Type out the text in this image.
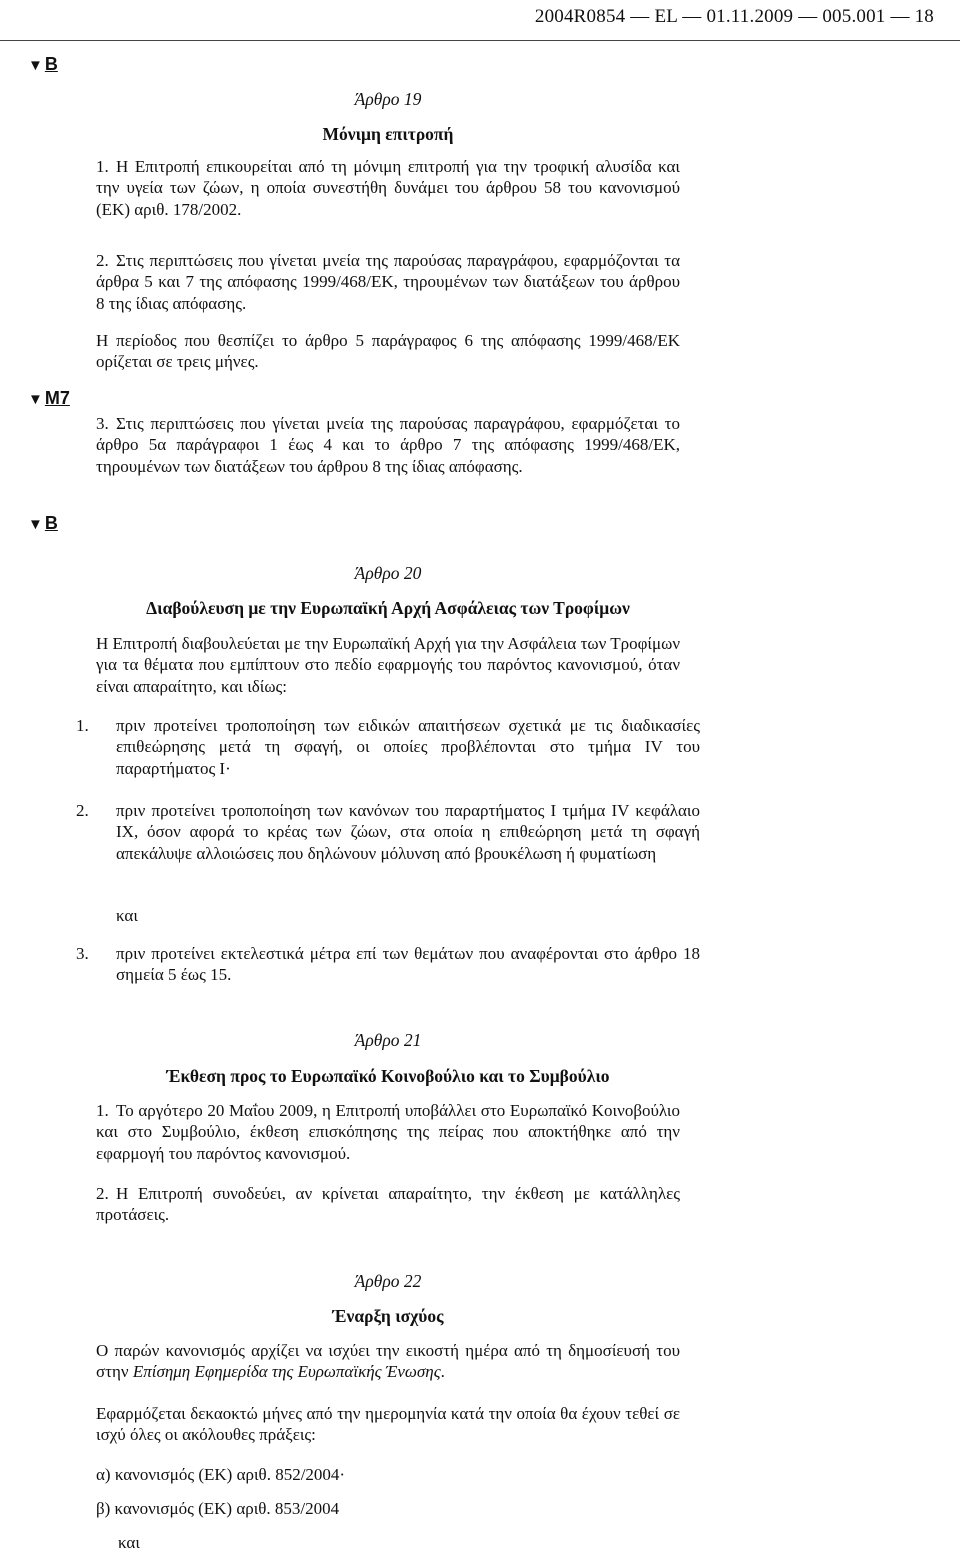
2004R0854 — EL — 01.11.2009 — 005.001 — 18
▼ B
▼ M7
▼ B
Άρθρο 19
Μόνιμη επιτροπή
1. Η Επιτροπή επικουρείται από τη μόνιμη επιτροπή για την τροφική αλυσίδα και την υγεία των ζώων, η οποία συνεστήθη δυνάμει του άρθρου 58 του κανονισμού (ΕΚ) αριθ. 178/2002.
2. Στις περιπτώσεις που γίνεται μνεία της παρούσας παραγράφου, εφαρμόζονται τα άρθρα 5 και 7 της απόφασης 1999/468/ΕΚ, τηρουμένων των διατάξεων του άρθρου 8 της ίδιας απόφασης.
Η περίοδος που θεσπίζει το άρθρο 5 παράγραφος 6 της απόφασης 1999/468/ΕΚ ορίζεται σε τρεις μήνες.
3. Στις περιπτώσεις που γίνεται μνεία της παρούσας παραγράφου, εφαρμόζεται το άρθρο 5α παράγραφοι 1 έως 4 και το άρθρο 7 της απόφασης 1999/468/ΕΚ, τηρουμένων των διατάξεων του άρθρου 8 της ίδιας απόφασης.
Άρθρο 20
Διαβούλευση με την Ευρωπαϊκή Αρχή Ασφάλειας των Τροφίμων
Η Επιτροπή διαβουλεύεται με την Ευρωπαϊκή Αρχή για την Ασφάλεια των Τροφίμων για τα θέματα που εμπίπτουν στο πεδίο εφαρμογής του παρόντος κανονισμού, όταν είναι απαραίτητο, και ιδίως:
1. πριν προτείνει τροποποίηση των ειδικών απαιτήσεων σχετικά με τις διαδικασίες επιθεώρησης μετά τη σφαγή, οι οποίες προβλέπονται στο τμήμα IV του παραρτήματος Ι·
2. πριν προτείνει τροποποίηση των κανόνων του παραρτήματος Ι τμήμα IV κεφάλαιο IX, όσον αφορά το κρέας των ζώων, στα οποία η επιθεώρηση μετά τη σφαγή απεκάλυψε αλλοιώσεις που δηλώνουν μόλυνση από βρουκέλωση ή φυματίωση
και
3. πριν προτείνει εκτελεστικά μέτρα επί των θεμάτων που αναφέρονται στο άρθρο 18 σημεία 5 έως 15.
Άρθρο 21
Έκθεση προς το Ευρωπαϊκό Κοινοβούλιο και το Συμβούλιο
1. Το αργότερο 20 Μαΐου 2009, η Επιτροπή υποβάλλει στο Ευρωπαϊκό Κοινοβούλιο και στο Συμβούλιο, έκθεση επισκόπησης της πείρας που αποκτήθηκε από την εφαρμογή του παρόντος κανονισμού.
2. Η Επιτροπή συνοδεύει, αν κρίνεται απαραίτητο, την έκθεση με κατάλληλες προτάσεις.
Άρθρο 22
Έναρξη ισχύος
Ο παρών κανονισμός αρχίζει να ισχύει την εικοστή ημέρα από τη δημοσίευσή του στην Επίσημη Εφημερίδα της Ευρωπαϊκής Ένωσης.
Εφαρμόζεται δεκαοκτώ μήνες από την ημερομηνία κατά την οποία θα έχουν τεθεί σε ισχύ όλες οι ακόλουθες πράξεις:
α) κανονισμός (ΕΚ) αριθ. 852/2004·
β) κανονισμός (ΕΚ) αριθ. 853/2004
και
